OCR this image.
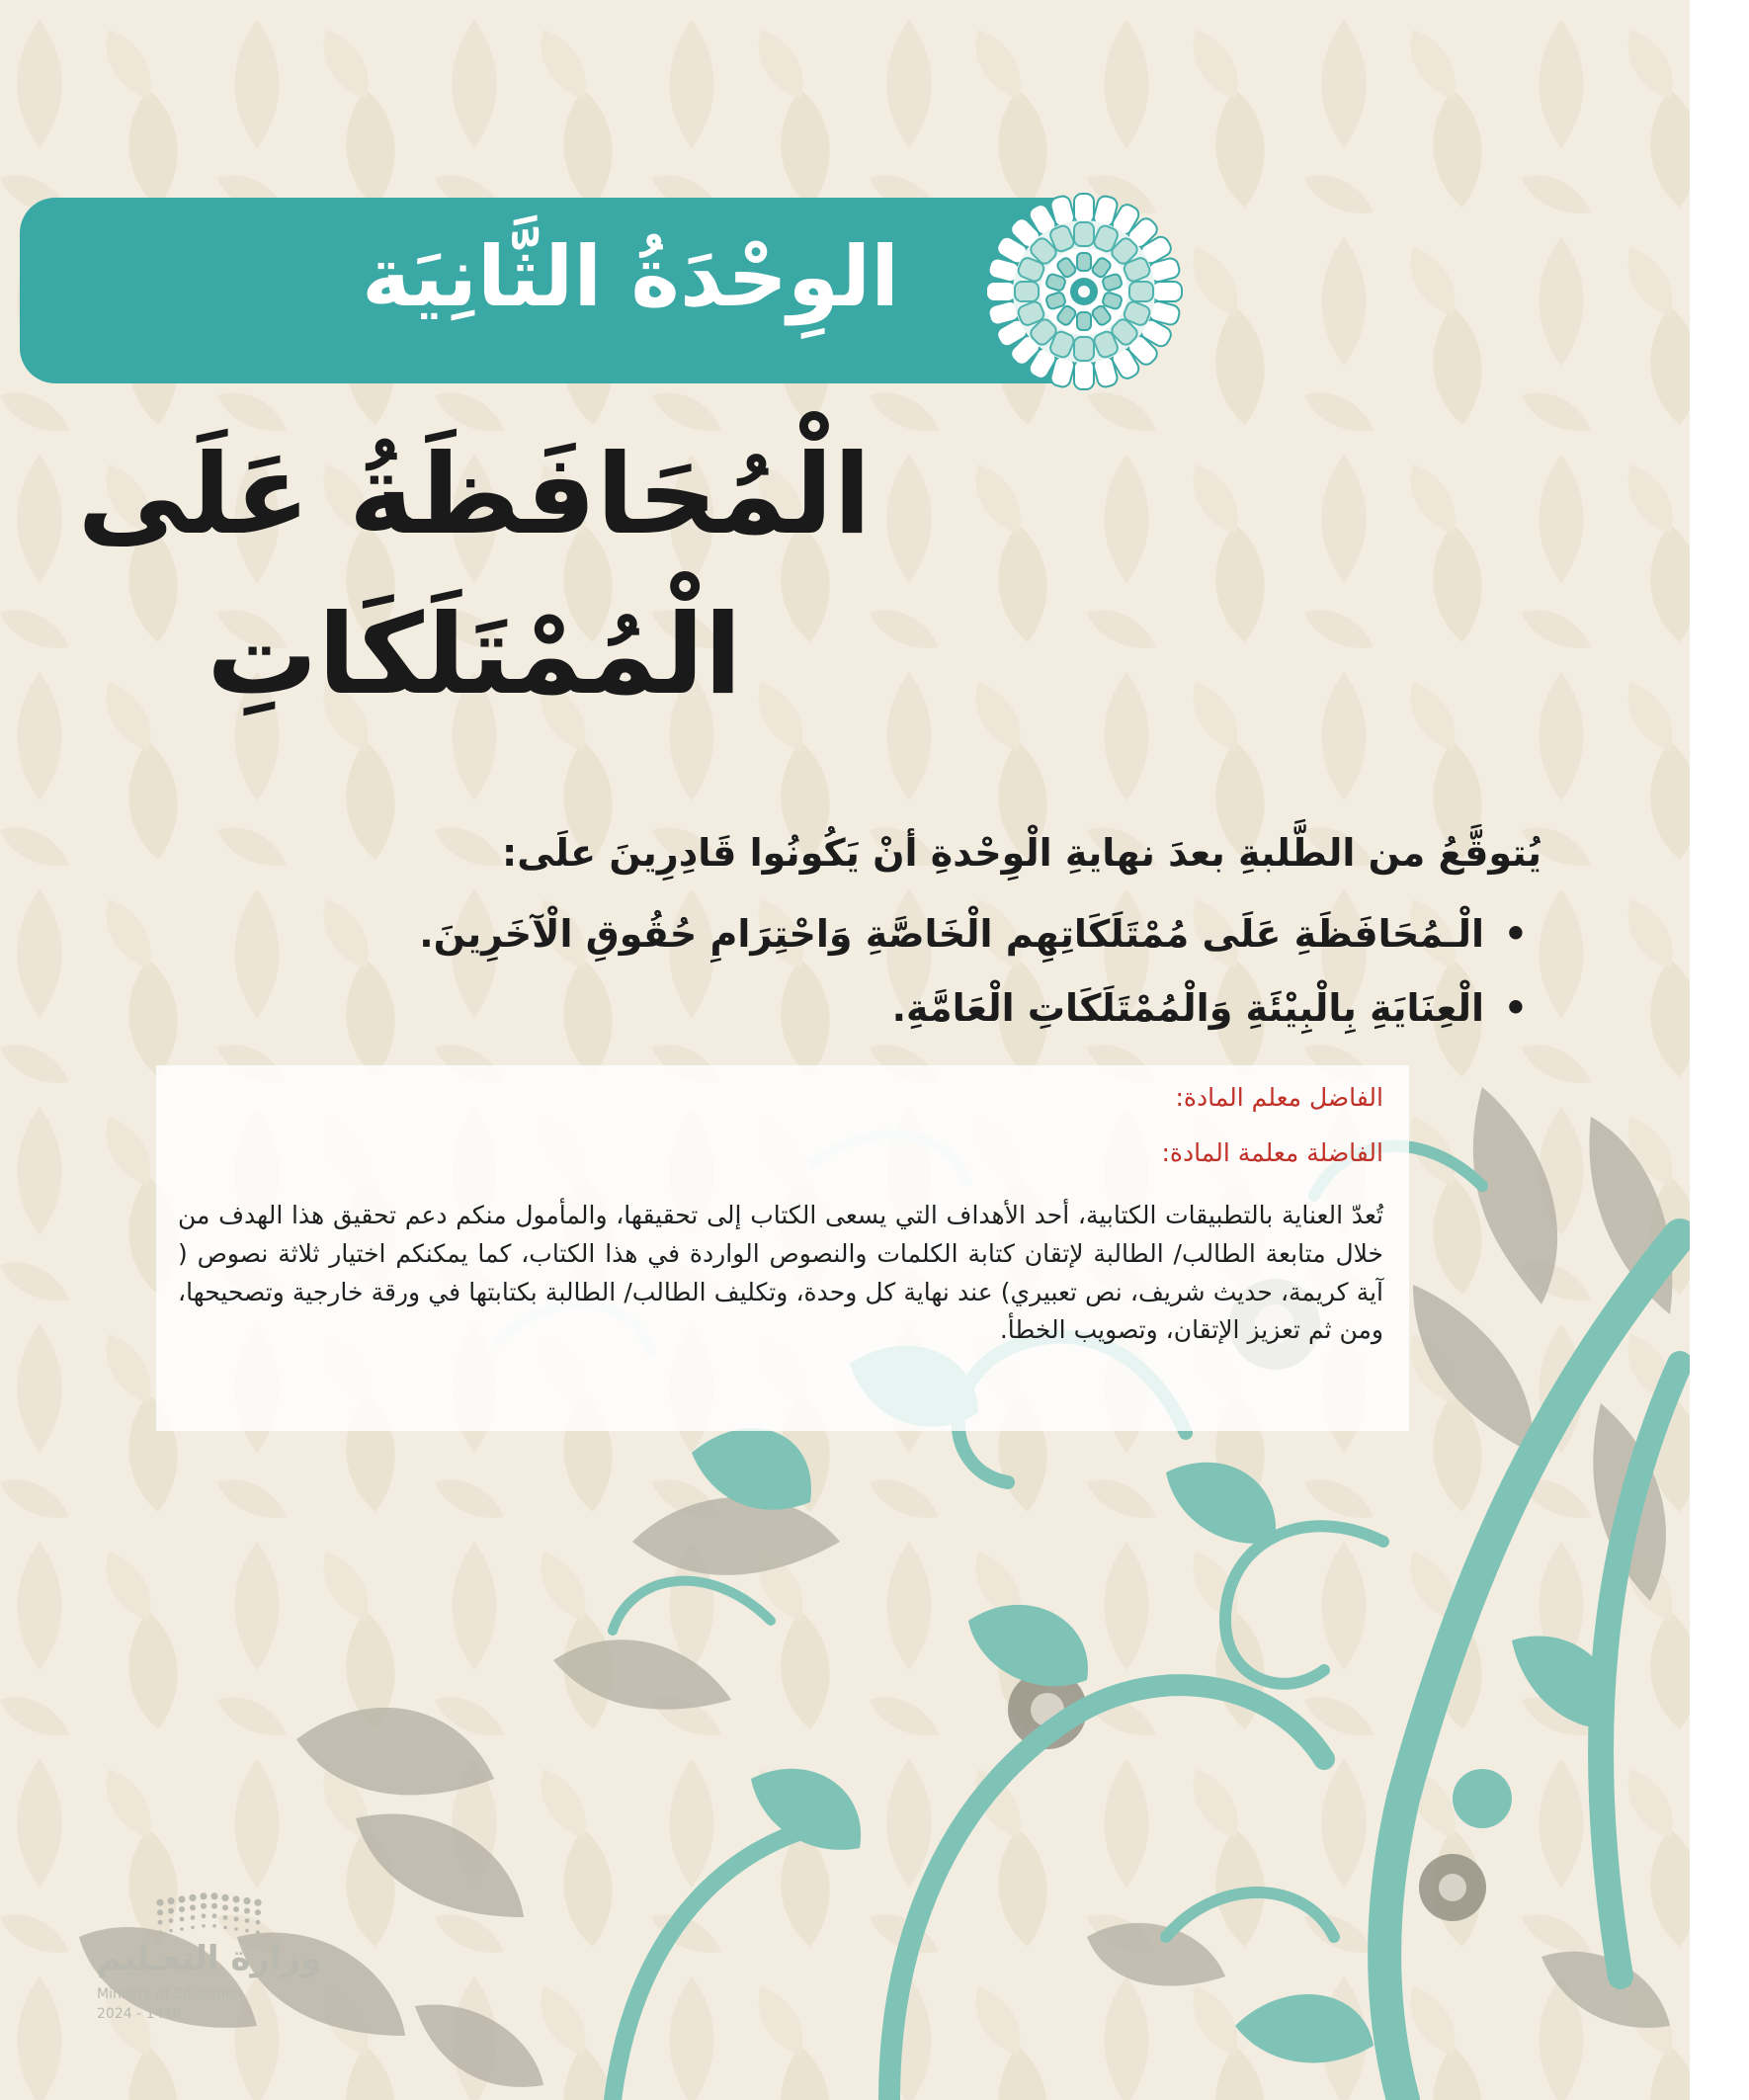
الوِحْدَةُ الثَّانِيَة
الْمُحَافَظَةُ عَلَى
الْمُمْتَلَكَاتِ
يُتوقَّعُ من الطَّلبةِ بعدَ نهايةِ الْوِحْدةِ أنْ يَكُونُوا قَادِرِينَ علَى:
•
الْـمُحَافَظَةِ عَلَى مُمْتَلَكَاتِهِم الْخَاصَّةِ وَاحْتِرَامِ حُقُوقِ الْآخَرِينَ.
•
الْعِنَايَةِ بِالْبِيْئَةِ وَالْمُمْتَلَكَاتِ الْعَامَّةِ.
الفاضل معلم المادة:
الفاضلة معلمة المادة:
تُعدّ العناية بالتطبيقات الكتابية، أحد الأهداف التي يسعى الكتاب إلى تحقيقها، والمأمول منكم دعم تحقيق هذا الهدف من خلال متابعة الطالب/ الطالبة لإتقان كتابة الكلمات والنصوص الواردة في هذا الكتاب، كما يمكنكم اختيار ثلاثة نصوص ( آية كريمة، حديث شريف، نص تعبيري) عند نهاية كل وحدة، وتكليف الطالب/ الطالبة بكتابتها في ورقة خارجية وتصحيحها، ومن ثم تعزيز الإتقان، وتصويب الخطأ.
وزارة التعـليم
Ministry of Education
2024 - 1446
